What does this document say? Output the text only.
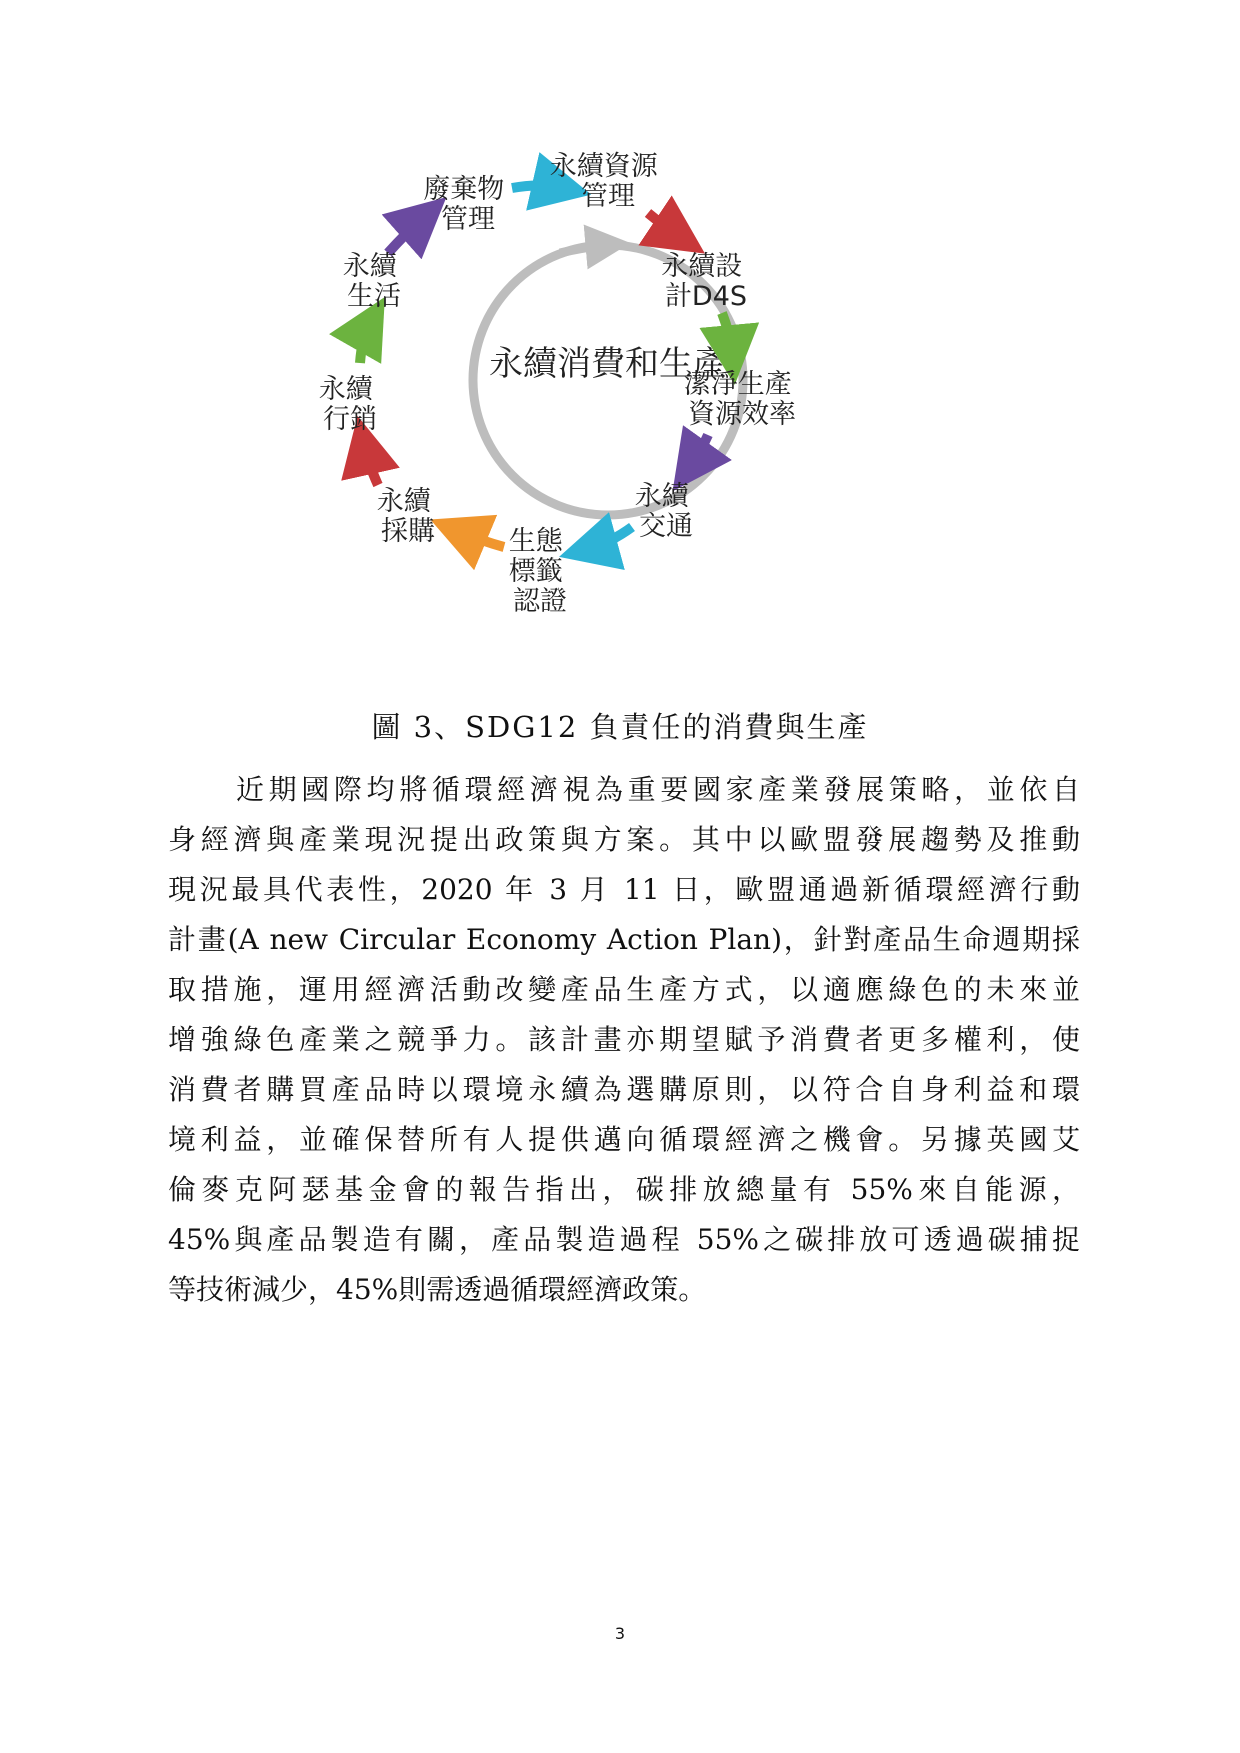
永續消費和生產
廢棄物 管理
永續資源 管理
永續設 計D4S
潔淨生產 資源效率
永續 交通
生態 標籤 認證
永續 採購
永續 行銷
永續 生活
圖 3、SDG12 負責任的消費與生產
近期國際均將循環經濟視為重要國家產業發展策略，並依自
身經濟與產業現況提出政策與方案。其中以歐盟發展趨勢及推動
現況最具代表性，2020 年 3 月 11 日，歐盟通過新循環經濟行動
計畫(A new Circular Economy Action Plan)，針對產品生命週期採
取措施，運用經濟活動改變產品生產方式，以適應綠色的未來並
增強綠色產業之競爭力。該計畫亦期望賦予消費者更多權利，使
消費者購買產品時以環境永續為選購原則，以符合自身利益和環
境利益，並確保替所有人提供邁向循環經濟之機會。另據英國艾
倫麥克阿瑟基金會的報告指出，碳排放總量有 55%來自能源，
45%與產品製造有關，產品製造過程 55%之碳排放可透過碳捕捉
等技術減少，45%則需透過循環經濟政策。
3
